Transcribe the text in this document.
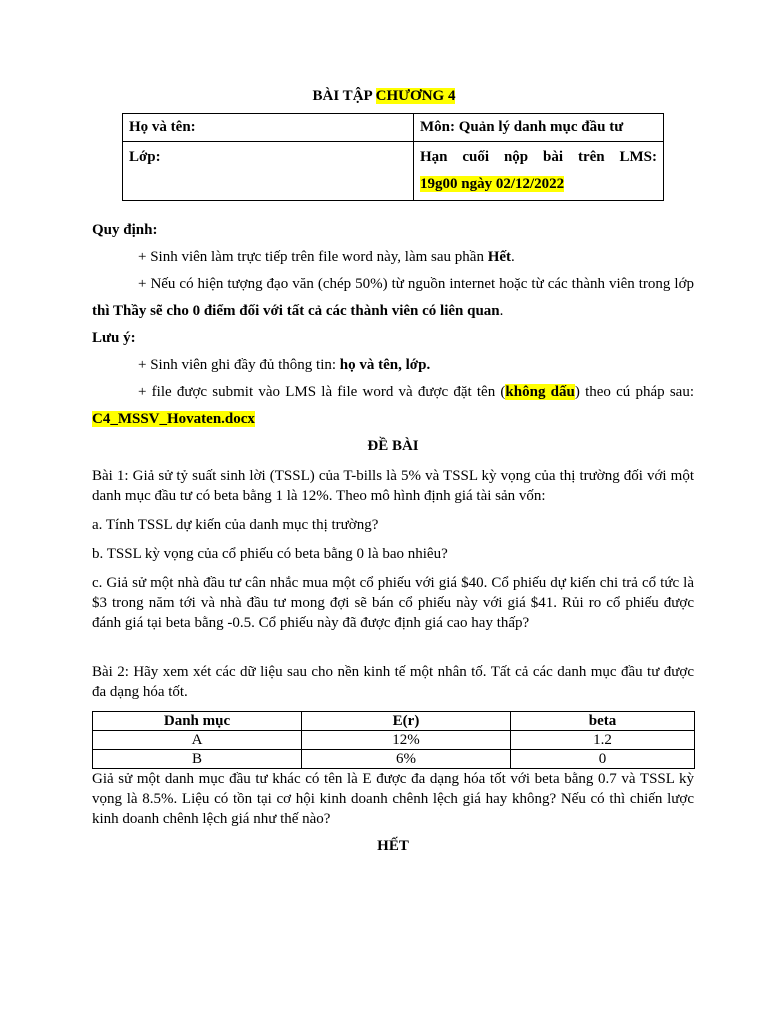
BÀI TẬP CHƯƠNG 4
Họ và tên:	Môn: Quản lý danh mục đầu tư
Lớp:	Hạn cuối nộp bài trên LMS:
19g00 ngày 02/12/2022
Quy định:
+ Sinh viên làm trực tiếp trên file word này, làm sau phần Hết.
+ Nếu có hiện tượng đạo văn (chép 50%) từ nguồn internet hoặc từ các thành viên trong lớp thì Thầy sẽ cho 0 điểm đối với tất cả các thành viên có liên quan.
Lưu ý:
+ Sinh viên ghi đầy đủ thông tin: họ và tên, lớp.
+ file được submit vào LMS là file word và được đặt tên (không dấu) theo cú pháp sau: C4_MSSV_Hovaten.docx
ĐỀ BÀI
Bài 1: Giả sử tỷ suất sinh lời (TSSL) của T-bills là 5% và TSSL kỳ vọng của thị trường đối với một danh mục đầu tư có beta bằng 1 là 12%. Theo mô hình định giá tài sản vốn:
a. Tính TSSL dự kiến của danh mục thị trường?
b. TSSL kỳ vọng của cổ phiếu có beta bằng 0 là bao nhiêu?
c. Giả sử một nhà đầu tư cân nhắc mua một cổ phiếu với giá $40. Cổ phiếu dự kiến chi trả cổ tức là $3 trong năm tới và nhà đầu tư mong đợi sẽ bán cổ phiếu này với giá $41. Rủi ro cổ phiếu được đánh giá tại beta bằng -0.5. Cổ phiếu này đã được định giá cao hay thấp?
Bài 2: Hãy xem xét các dữ liệu sau cho nền kinh tế một nhân tố. Tất cả các danh mục đầu tư được đa dạng hóa tốt.
Danh mục	E(r)	beta
A	12%	1.2
B	6%	0
Giả sử một danh mục đầu tư khác có tên là E được đa dạng hóa tốt với beta bằng 0.7 và TSSL kỳ vọng là 8.5%. Liệu có tồn tại cơ hội kinh doanh chênh lệch giá hay không? Nếu có thì chiến lược kinh doanh chênh lệch giá như thế nào?
HẾT
